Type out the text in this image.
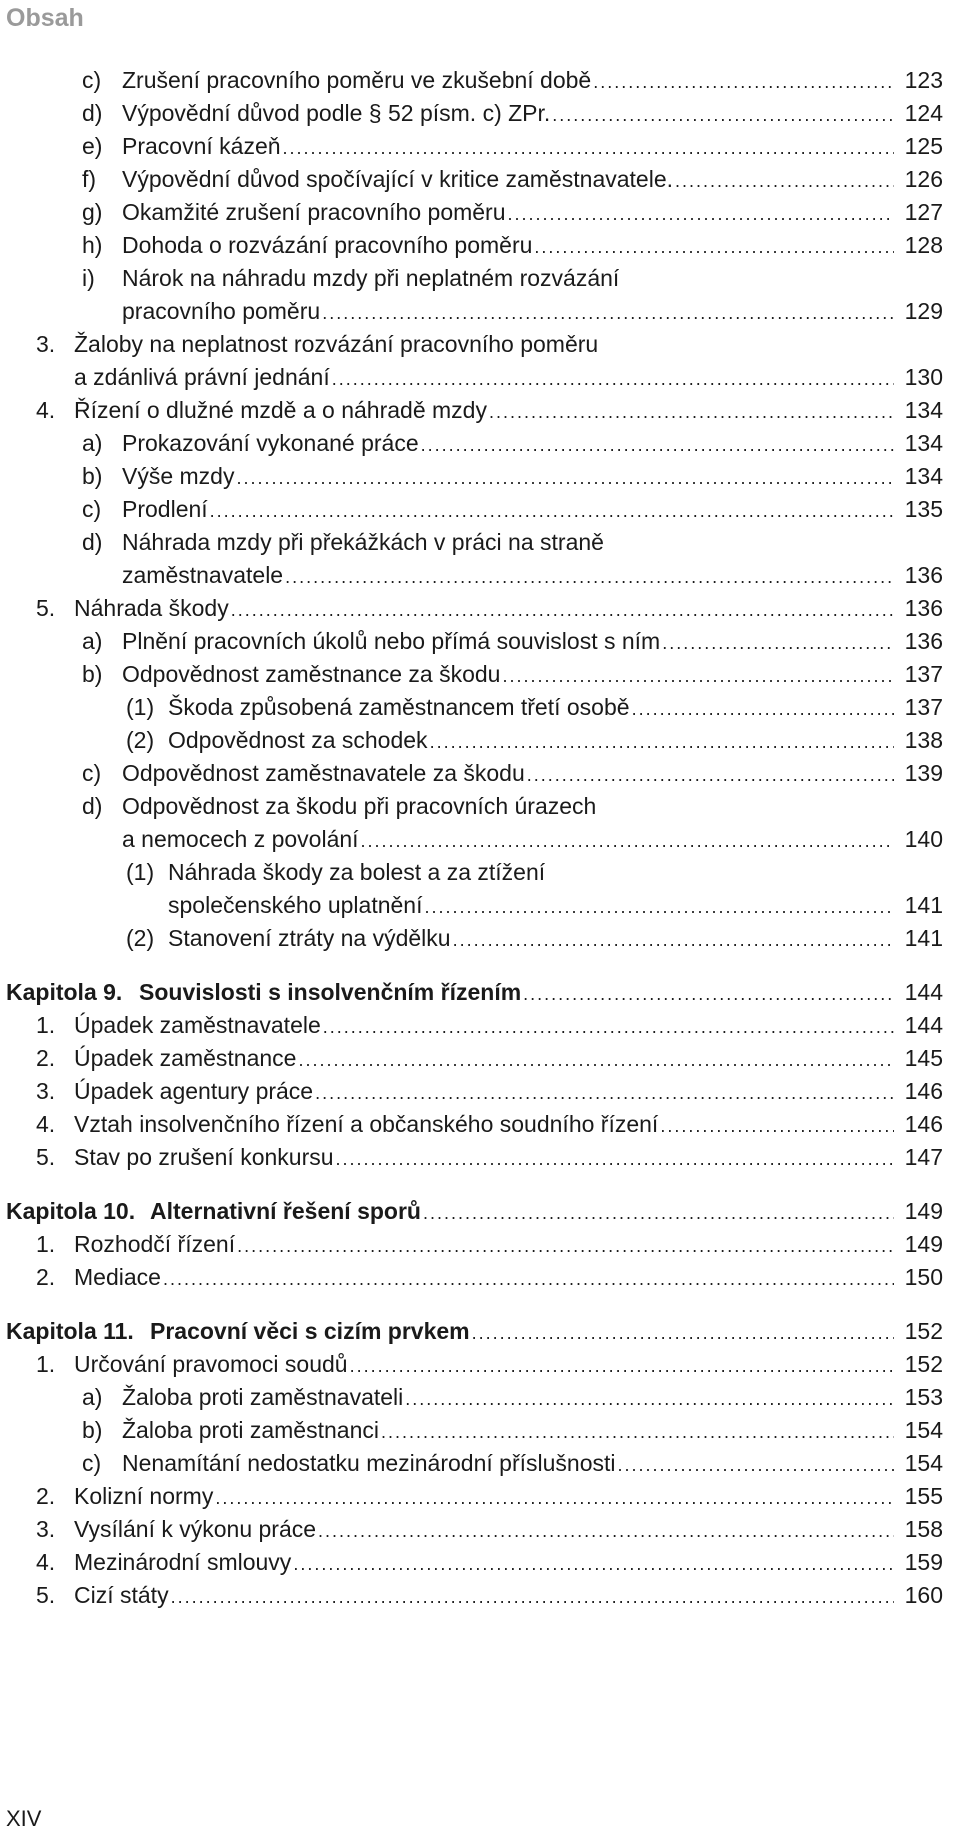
Obsah
c) Zrušení pracovního poměru ve zkušební době .....	123
d) Výpovědní důvod podle § 52 písm. c) ZPr. .....	124
e) Pracovní kázeň .....	125
f) Výpovědní důvod spočívající v kritice zaměstnavatele. .....	126
g) Okamžité zrušení pracovního poměru .....	127
h) Dohoda o rozvázání pracovního poměru .....	128
i) Nárok na náhradu mzdy při neplatném rozvázání
pracovního poměru .....	129
3. Žaloby na neplatnost rozvázání pracovního poměru
a zdánlivá právní jednání .....	130
4. Řízení o dlužné mzdě a o náhradě mzdy .....	134
a) Prokazování vykonané práce .....	134
b) Výše mzdy .....	134
c) Prodlení .....	135
d) Náhrada mzdy při překážkách v práci na straně
zaměstnavatele .....	136
5. Náhrada škody .....	136
a) Plnění pracovních úkolů nebo přímá souvislost s ním .....	136
b) Odpovědnost zaměstnance za škodu .....	137
(1) Škoda způsobená zaměstnancem třetí osobě .....	137
(2) Odpovědnost za schodek .....	138
c) Odpovědnost zaměstnavatele za škodu .....	139
d) Odpovědnost za škodu při pracovních úrazech
a nemocech z povolání .....	140
(1) Náhrada škody za bolest a za ztížení
společenského uplatnění .....	141
(2) Stanovení ztráty na výdělku .....	141
Kapitola 9. Souvislosti s insolvenčním řízením .....	144
1. Úpadek zaměstnavatele .....	144
2. Úpadek zaměstnance .....	145
3. Úpadek agentury práce .....	146
4. Vztah insolvenčního řízení a občanského soudního řízení .....	146
5. Stav po zrušení konkursu .....	147
Kapitola 10. Alternativní řešení sporů .....	149
1. Rozhodčí řízení .....	149
2. Mediace .....	150
Kapitola 11. Pracovní věci s cizím prvkem .....	152
1. Určování pravomoci soudů .....	152
a) Žaloba proti zaměstnavateli .....	153
b) Žaloba proti zaměstnanci .....	154
c) Nenamítání nedostatku mezinárodní příslušnosti .....	154
2. Kolizní normy .....	155
3. Vysílání k výkonu práce .....	158
4. Mezinárodní smlouvy .....	159
5. Cizí státy .....	160
XIV
